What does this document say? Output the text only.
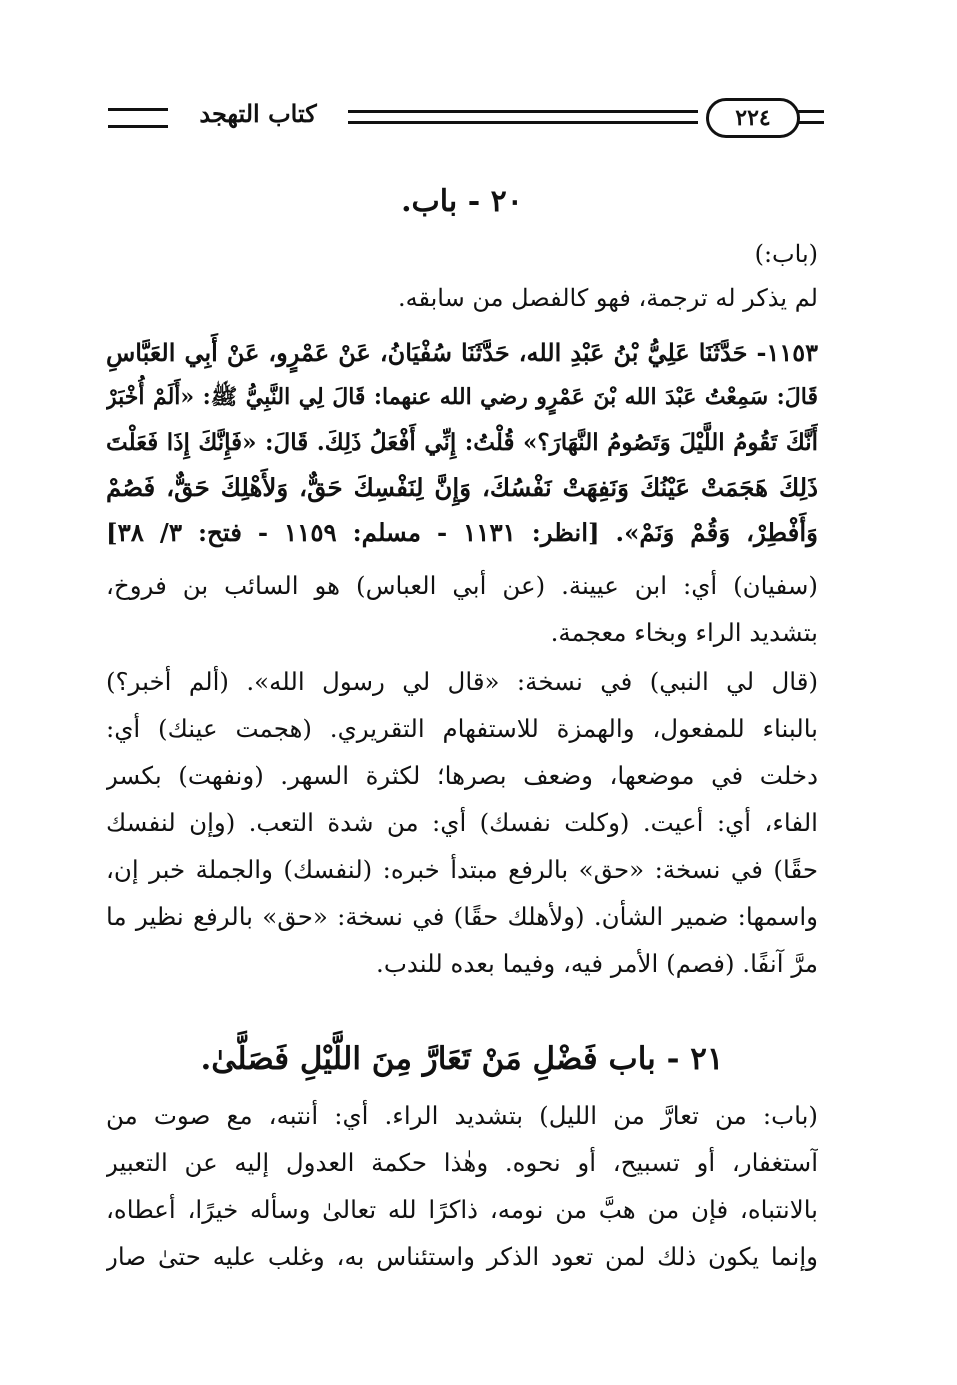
كتاب التهجد	٢٢٤
٢٠ - باب.
(باب:)
لم يذكر له ترجمة، فهو كالفصل من سابقه.
١١٥٣- حَدَّثَنَا عَلِيُّ بْنُ عَبْدِ الله، حَدَّثَنَا سُفْيَانُ، عَنْ عَمْرٍو، عَنْ أَبِي العَبَّاسِ
قَالَ: سَمِعْتُ عَبْدَ الله بْنَ عَمْرٍو رضي الله عنهما: قَالَ لِي النَّبِيُّ ﷺ: «أَلَمْ أُخْبَرْ
أَنَّكَ تَقُومُ اللَّيْلَ وَتَصُومُ النَّهَارَ؟» قُلْتُ: إِنِّي أَفْعَلُ ذَلِكَ. قَالَ: «فَإِنَّكَ إِذَا فَعَلْتَ
ذَلِكَ هَجَمَتْ عَيْنُكَ وَنَفِهَتْ نَفْسُكَ، وَإِنَّ لِنَفْسِكَ حَقٌّ، وَلأَهْلِكَ حَقٌّ، فَصُمْ
وَأَفْطِرْ، وَقُمْ وَنَمْ». [انظر: ١١٣١ - مسلم: ١١٥٩ - فتح: ٣/ ٣٨]
(سفيان) أي: ابن عيينة. (عن أبي العباس) هو السائب بن فروخ،
بتشديد الراء وبخاء معجمة.
(قال لي النبي) في نسخة: «قال لي رسول الله». (ألم أخبر؟)
بالبناء للمفعول، والهمزة للاستفهام التقريري. (هجمت عينك) أي:
دخلت في موضعها، وضعف بصرها؛ لكثرة السهر. (ونفهت) بكسر
الفاء، أي: أعيت. (وكلت نفسك) أي: من شدة التعب. (وإن لنفسك
حقًا) في نسخة: «حق» بالرفع مبتدأ خبره: (لنفسك) والجملة خبر إن،
واسمها: ضمير الشأن. (ولأهلك حقًا) في نسخة: «حق» بالرفع نظير ما
مرَّ آنفًا. (فصم) الأمر فيه، وفيما بعده للندب.
٢١ - باب فَضْلِ مَنْ تَعَارَّ مِنَ اللَّيْلِ فَصَلَّىٰ.
(باب: من تعارَّ من الليل) بتشديد الراء. أي: أنتبه، مع صوت من
آستغفار، أو تسبيح، أو نحوه. وهٰذا حكمة العدول إليه عن التعبير
بالانتباه، فإن من هبَّ من نومه، ذاكرًا لله تعالىٰ وسأله خيرًا، أعطاه،
وإنما يكون ذلك لمن تعود الذكر واستئناس به، وغلب عليه حتىٰ صار
